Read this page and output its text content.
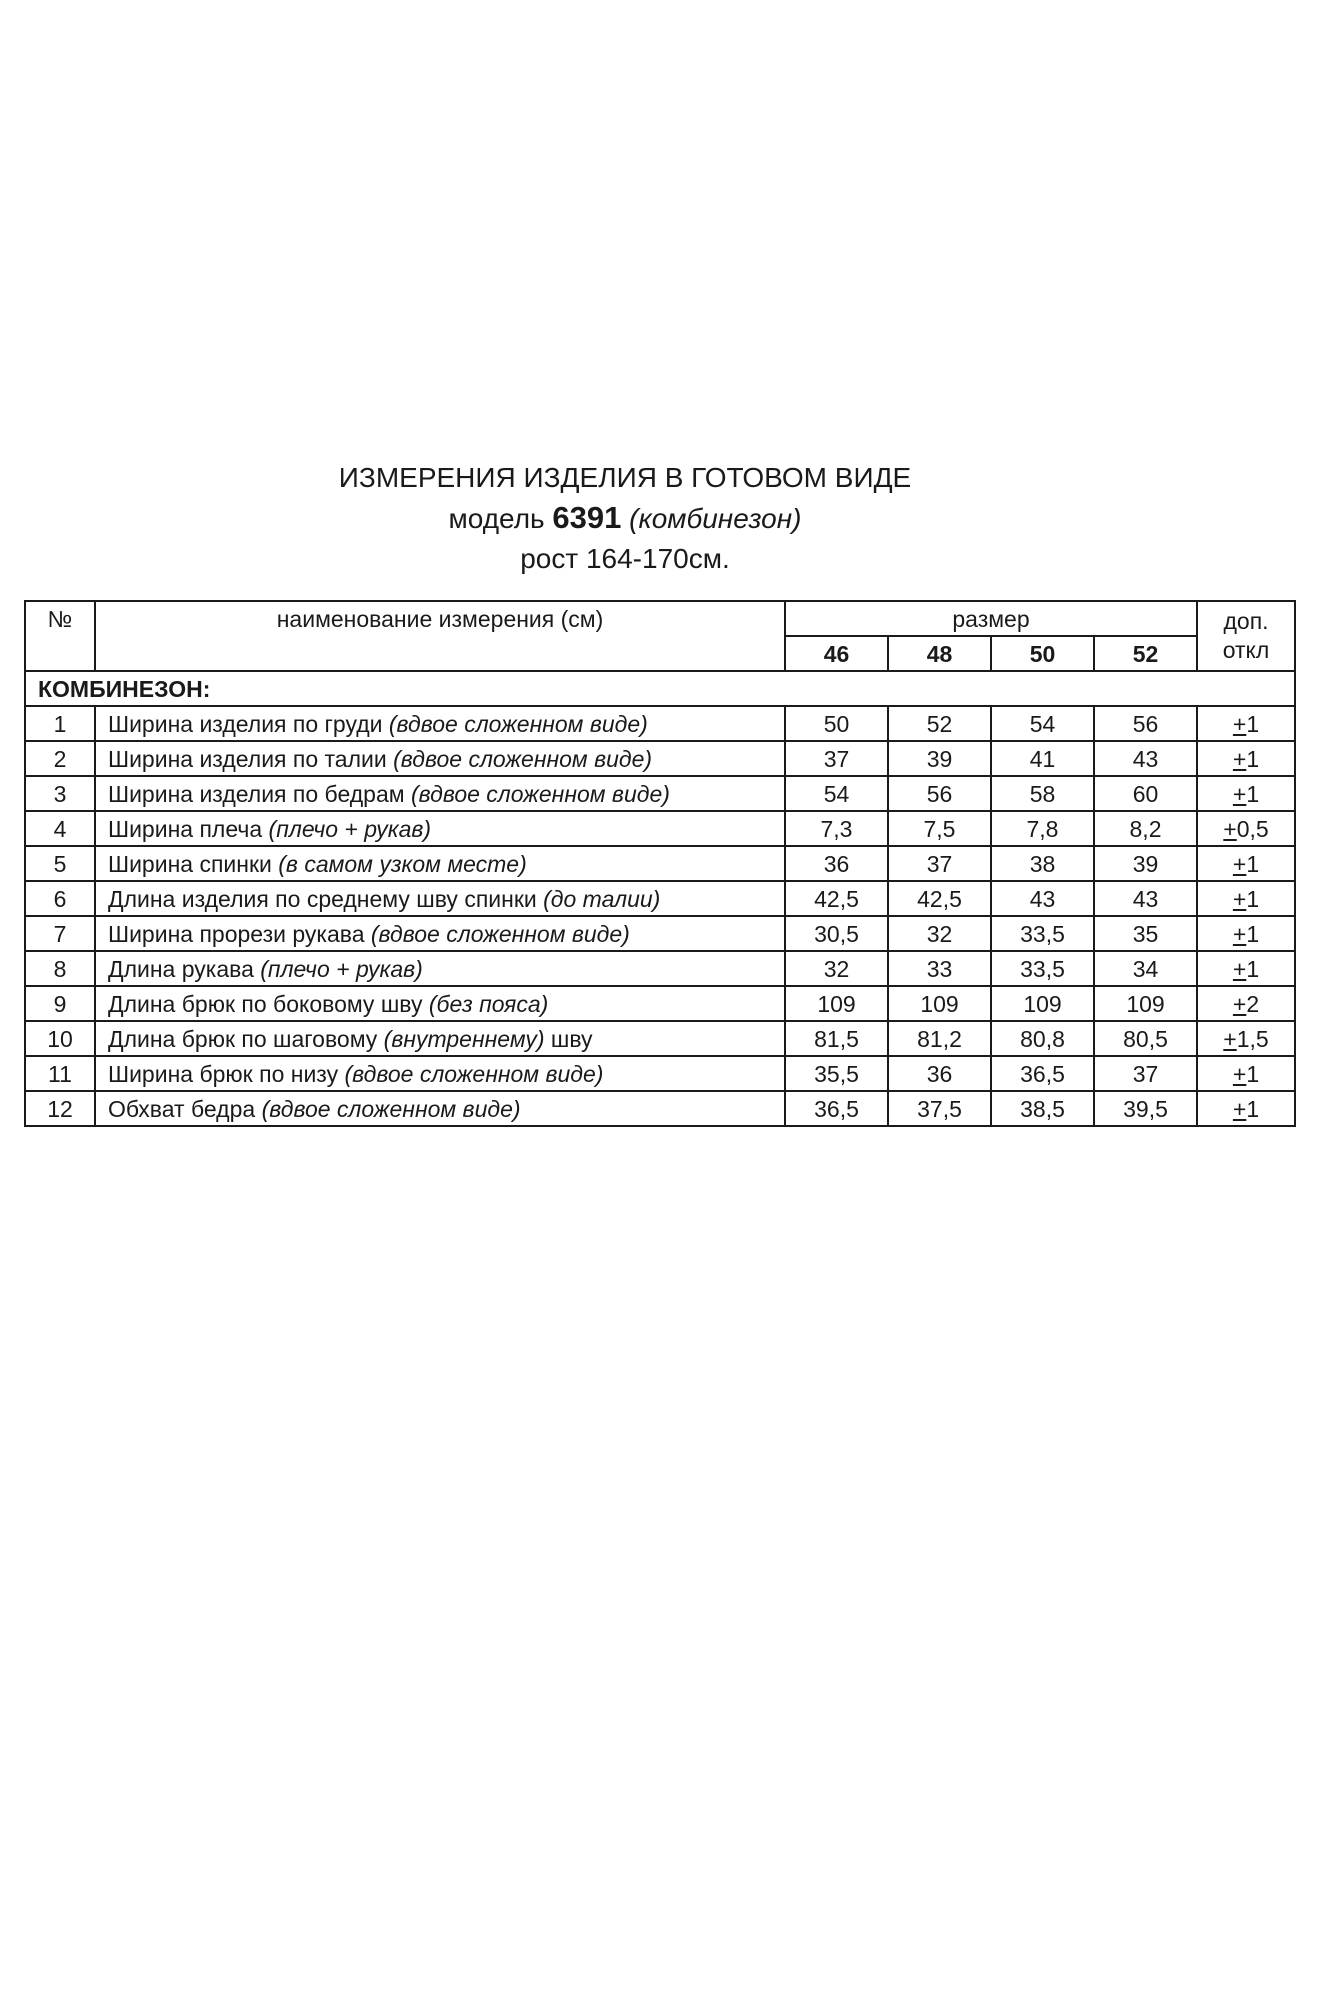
ИЗМЕРЕНИЯ ИЗДЕЛИЯ В ГОТОВОМ ВИДЕ
модель 6391 (комбинезон)
рост 164-170см.
№	наименование измерения (см)	размер				доп.
откл

		46	48	50	52	
КОМБИНЕЗОН:						
1	Ширина изделия по груди (вдвое сложенном виде)	50	52	54	56	+1
2	Ширина изделия по талии (вдвое сложенном виде)	37	39	41	43	+1
3	Ширина изделия по бедрам (вдвое сложенном виде)	54	56	58	60	+1
4	Ширина плеча (плечо + рукав)	7,3	7,5	7,8	8,2	+0,5
5	Ширина спинки (в самом узком месте)	36	37	38	39	+1
6	Длина изделия по среднему шву спинки (до талии)	42,5	42,5	43	43	+1
7	Ширина прорези рукава (вдвое сложенном виде)	30,5	32	33,5	35	+1
8	Длина рукава (плечо + рукав)	32	33	33,5	34	+1
9	Длина брюк по боковому шву (без пояса)	109	109	109	109	+2
10	Длина брюк по шаговому (внутреннему) шву	81,5	81,2	80,8	80,5	+1,5
11	Ширина брюк по низу (вдвое сложенном виде)	35,5	36	36,5	37	+1
12	Обхват бедра (вдвое сложенном виде)	36,5	37,5	38,5	39,5	+1
